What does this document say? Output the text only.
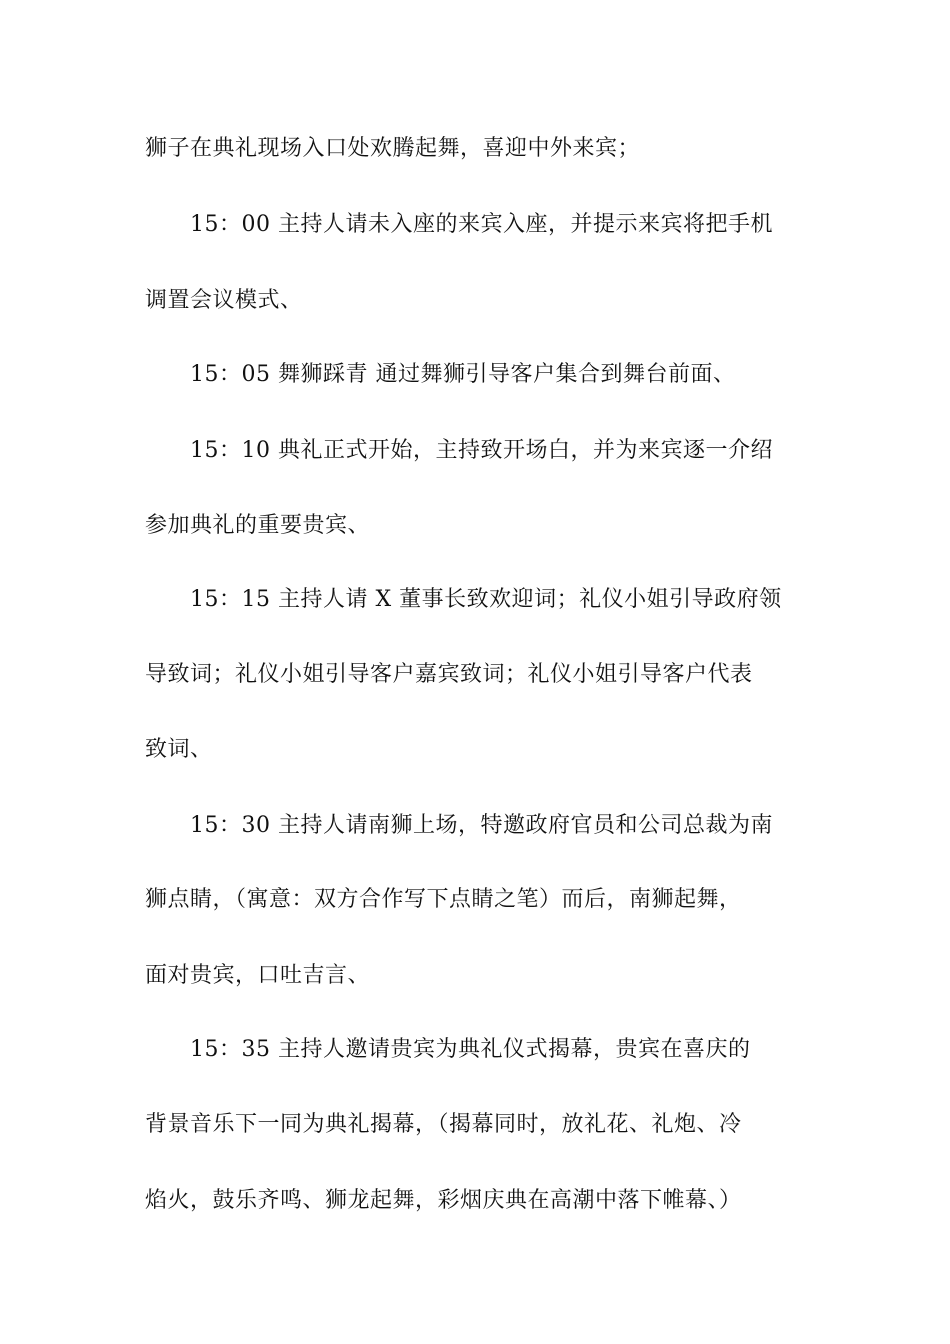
狮子在典礼现场入口处欢腾起舞，喜迎中外来宾；
15：00 主持人请未入座的来宾入座，并提示来宾将把手机
调置会议模式、
15：05 舞狮踩青 通过舞狮引导客户集合到舞台前面、
15：10 典礼正式开始，主持致开场白，并为来宾逐一介绍
参加典礼的重要贵宾、
15：15 主持人请 X 董事长致欢迎词；礼仪小姐引导政府领
导致词；礼仪小姐引导客户嘉宾致词；礼仪小姐引导客户代表
致词、
15：30 主持人请南狮上场，特邀政府官员和公司总裁为南
狮点睛，（寓意：双方合作写下点睛之笔）而后，南狮起舞，
面对贵宾，口吐吉言、
15：35 主持人邀请贵宾为典礼仪式揭幕，贵宾在喜庆的
背景音乐下一同为典礼揭幕，（揭幕同时，放礼花、礼炮、冷
焰火，鼓乐齐鸣、狮龙起舞，彩烟庆典在高潮中落下帷幕、）
